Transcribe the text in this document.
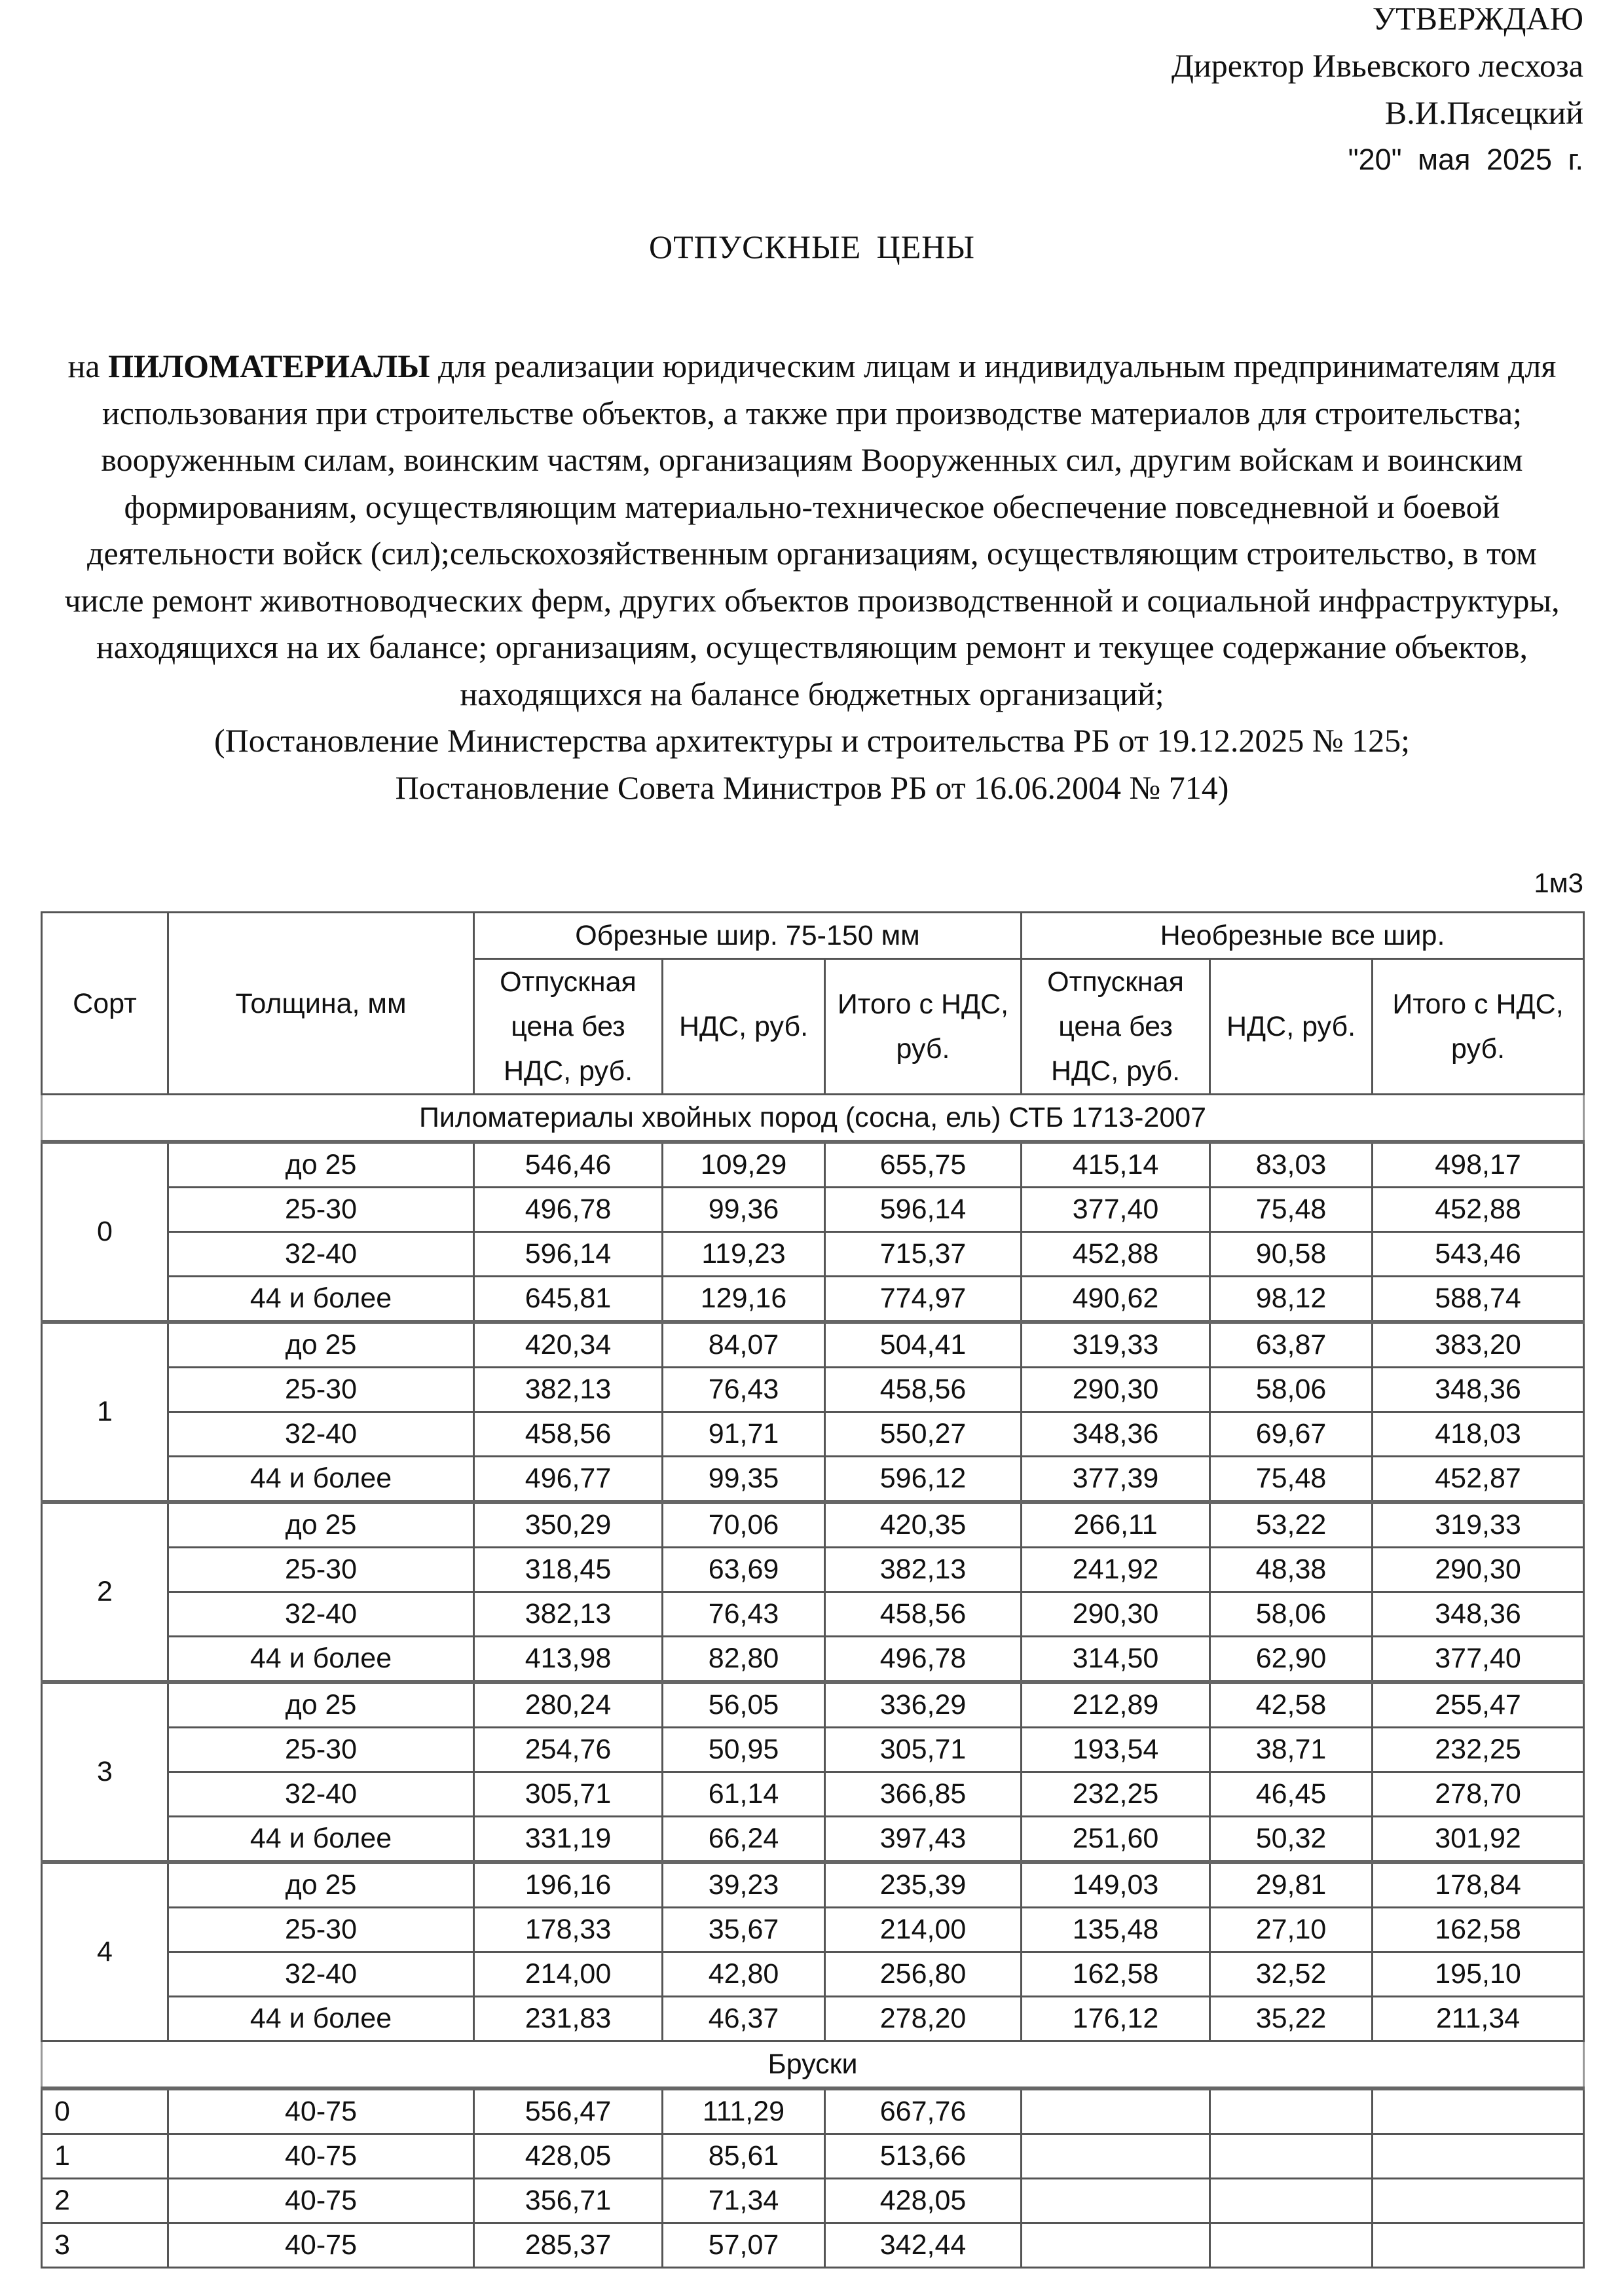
УТВЕРЖДАЮ
Директор Ивьевского лесхоза
В.И.Пясецкий
"20" мая 2025 г.
ОТПУСКНЫЕ ЦЕНЫ
на ПИЛОМАТЕРИАЛЫ для реализации юридическим лицам и индивидуальным предпринимателям для использования при строительстве объектов, а также при производстве материалов для строительства; вооруженным силам, воинским частям, организациям Вооруженных сил, другим войскам и воинским формированиям, осуществляющим материально-техническое обеспечение повседневной и боевой деятельности войск (сил);сельскохозяйственным организациям, осуществляющим строительство, в том числе ремонт животноводческих ферм, других объектов производственной и социальной инфраструктуры, находящихся на их балансе; организациям, осуществляющим ремонт и текущее содержание объектов, находящихся на балансе бюджетных организаций;
(Постановление Министерства архитектуры и строительства РБ от 19.12.2025 № 125;
Постановление Совета Министров РБ от 16.06.2004 № 714)
1м3
Сорт	Толщина, мм	Обрезные шир. 75-150 мм			Необрезные все шир.		
		Отпускная цена без НДС, руб.	НДС, руб.	Итого с НДС, руб.	Отпускная цена без НДС, руб.	НДС, руб.	Итого с НДС, руб.
Пиломатериалы хвойных пород (сосна, ель) СТБ 1713-2007							
0	до 25	546,46	109,29	655,75	415,14	83,03	498,17
	25-30	496,78	99,36	596,14	377,40	75,48	452,88
	32-40	596,14	119,23	715,37	452,88	90,58	543,46
	44 и более	645,81	129,16	774,97	490,62	98,12	588,74
1	до 25	420,34	84,07	504,41	319,33	63,87	383,20
	25-30	382,13	76,43	458,56	290,30	58,06	348,36
	32-40	458,56	91,71	550,27	348,36	69,67	418,03
	44 и более	496,77	99,35	596,12	377,39	75,48	452,87
2	до 25	350,29	70,06	420,35	266,11	53,22	319,33
	25-30	318,45	63,69	382,13	241,92	48,38	290,30
	32-40	382,13	76,43	458,56	290,30	58,06	348,36
	44 и более	413,98	82,80	496,78	314,50	62,90	377,40
3	до 25	280,24	56,05	336,29	212,89	42,58	255,47
	25-30	254,76	50,95	305,71	193,54	38,71	232,25
	32-40	305,71	61,14	366,85	232,25	46,45	278,70
	44 и более	331,19	66,24	397,43	251,60	50,32	301,92
4	до 25	196,16	39,23	235,39	149,03	29,81	178,84
	25-30	178,33	35,67	214,00	135,48	27,10	162,58
	32-40	214,00	42,80	256,80	162,58	32,52	195,10
	44 и более	231,83	46,37	278,20	176,12	35,22	211,34
Бруски							
0	40-75	556,47	111,29	667,76			
1	40-75	428,05	85,61	513,66			
2	40-75	356,71	71,34	428,05			
3	40-75	285,37	57,07	342,44			
